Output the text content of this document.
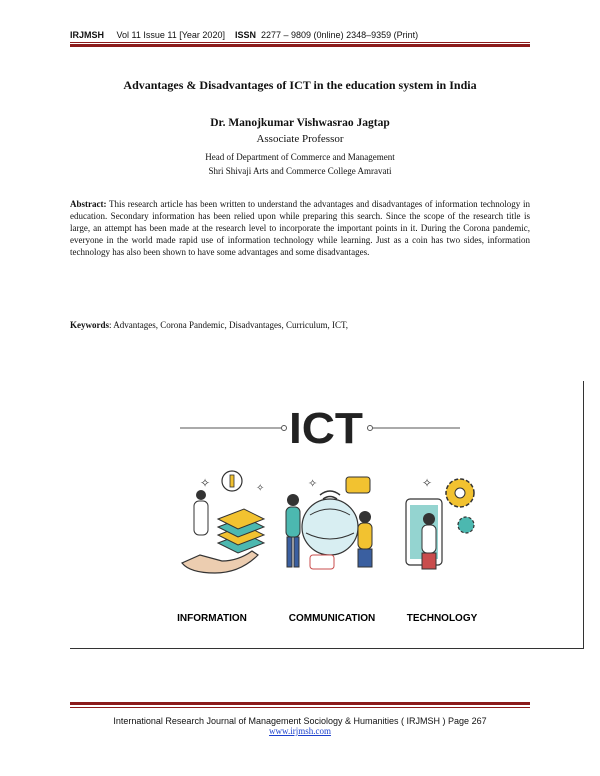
IRJMSH Vol 11 Issue 11 [Year 2020] ISSN 2277 – 9809 (0nline) 2348–9359 (Print)
Advantages & Disadvantages of ICT in the education system in India
Dr. Manojkumar Vishwasrao Jagtap
Associate Professor
Head of Department of Commerce and Management
Shri Shivaji Arts and Commerce College Amravati
Abstract: This research article has been written to understand the advantages and disadvantages of information technology in education. Secondary information has been relied upon while preparing this search. Since the scope of the research title is large, an attempt has been made at the research level to incorporate the important points in it. During the Corona pandemic, everyone in the world made rapid use of information technology while learning. Just as a coin has two sides, information technology has also been shown to have some advantages and some disadvantages.
Keywords: Advantages, Corona Pandemic, Disadvantages, Curriculum, ICT,
ICT
✧	✧	✧	✧
INFORMATION	COMMUNICATION	TECHNOLOGY
International Research Journal of Management Sociology & Humanities ( IRJMSH ) Page 267
www.irjmsh.com
